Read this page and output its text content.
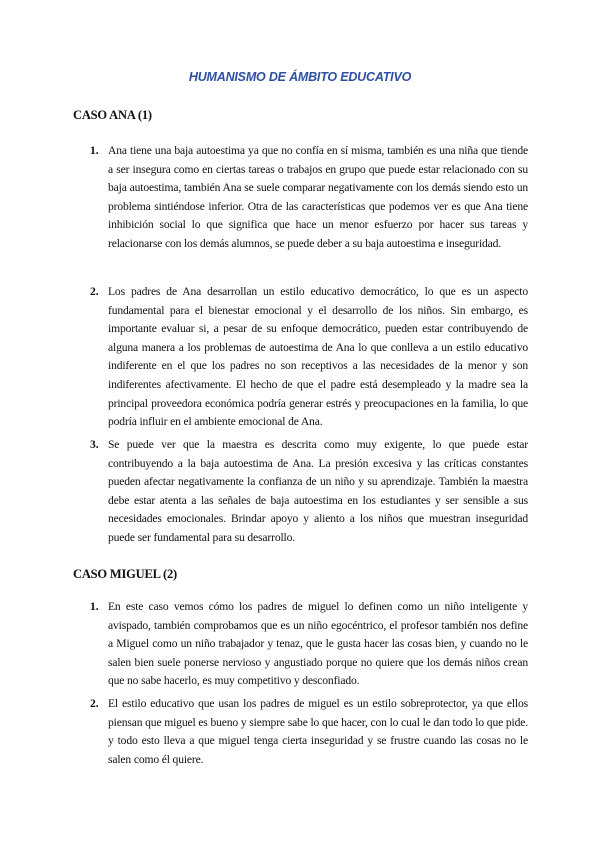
HUMANISMO DE ÁMBITO EDUCATIVO
CASO ANA (1)
1. Ana tiene una baja autoestima ya que no confía en sí misma, también es una niña que tiende a ser insegura como en ciertas tareas o trabajos en grupo que puede estar relacionado con su baja autoestima, también Ana se suele comparar negativamente con los demás siendo esto un problema sintiéndose inferior. Otra de las características que podemos ver es que Ana tiene inhibición social lo que significa que hace un menor esfuerzo por hacer sus tareas y relacionarse con los demás alumnos, se puede deber a su baja autoestima e inseguridad.
2. Los padres de Ana desarrollan un estilo educativo democrático, lo que es un aspecto fundamental para el bienestar emocional y el desarrollo de los niños. Sin embargo, es importante evaluar si, a pesar de su enfoque democrático, pueden estar contribuyendo de alguna manera a los problemas de autoestima de Ana lo que conlleva a un estilo educativo indiferente en el que los padres no son receptivos a las necesidades de la menor y son indiferentes afectivamente. El hecho de que el padre está desempleado y la madre sea la principal proveedora económica podría generar estrés y preocupaciones en la familia, lo que podría influir en el ambiente emocional de Ana.
3. Se puede ver que la maestra es descrita como muy exigente, lo que puede estar contribuyendo a la baja autoestima de Ana. La presión excesiva y las críticas constantes pueden afectar negativamente la confianza de un niño y su aprendizaje. También la maestra debe estar atenta a las señales de baja autoestima en los estudiantes y ser sensible a sus necesidades emocionales. Brindar apoyo y aliento a los niños que muestran inseguridad puede ser fundamental para su desarrollo.
CASO MIGUEL (2)
1. En este caso vemos cómo los padres de miguel lo definen como un niño inteligente y avispado, también comprobamos que es un niño egocéntrico, el profesor también nos define a Miguel como un niño trabajador y tenaz, que le gusta hacer las cosas bien, y cuando no le salen bien suele ponerse nervioso y angustiado porque no quiere que los demás niños crean que no sabe hacerlo, es muy competitivo y desconfiado.
2. El estilo educativo que usan los padres de miguel es un estilo sobreprotector, ya que ellos piensan que miguel es bueno y siempre sabe lo que hacer, con lo cual le dan todo lo que pide. y todo esto lleva a que miguel tenga cierta inseguridad y se frustre cuando las cosas no le salen como él quiere.
